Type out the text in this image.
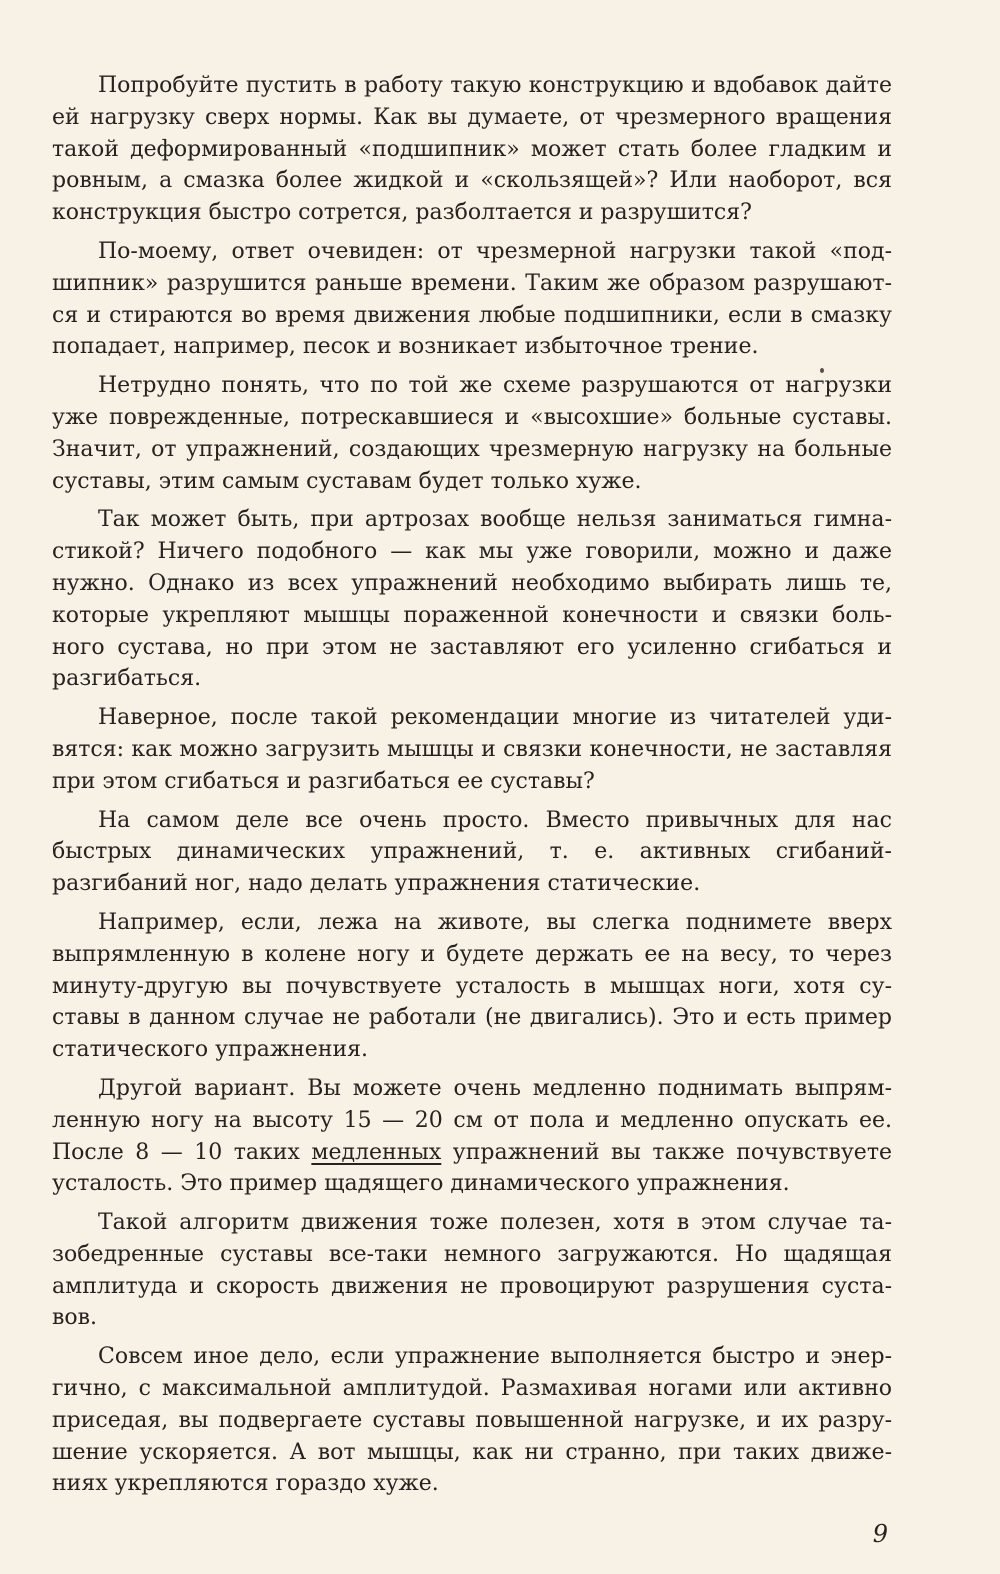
Попробуйте пустить в работу такую конструкцию и вдобавок дайте ей нагрузку сверх нормы. Как вы думаете, от чрезмерного вращения такой деформированный «подшипник» может стать более гладким и ровным, а смазка более жидкой и «скользящей»? Или наоборот, вся конструкция быстро сотрется, разболтается и разрушится?

По-моему, ответ очевиден: от чрезмерной нагрузки такой «подшипник» разрушится раньше времени. Таким же образом разрушаются и стираются во время движения любые подшипники, если в смазку попадает, например, песок и возникает избыточное трение.

Нетрудно понять, что по той же схеме разрушаются от нагрузки уже поврежденные, потрескавшиеся и «высохшие» больные суставы. Значит, от упражнений, создающих чрезмерную нагрузку на больные суставы, этим самым суставам будет только хуже.

Так может быть, при артрозах вообще нельзя заниматься гимнастикой? Ничего подобного — как мы уже говорили, можно и даже нужно. Однако из всех упражнений необходимо выбирать лишь те, которые укрепляют мышцы пораженной конечности и связки больного сустава, но при этом не заставляют его усиленно сгибаться и разгибаться.

Наверное, после такой рекомендации многие из читателей удивятся: как можно загрузить мышцы и связки конечности, не заставляя при этом сгибаться и разгибаться ее суставы?

На самом деле все очень просто. Вместо привычных для нас быстрых динамических упражнений, т. е. активных сгибаний-разгибаний ног, надо делать упражнения статические.

Например, если, лежа на животе, вы слегка поднимете вверх выпрямленную в колене ногу и будете держать ее на весу, то через минуту-другую вы почувствуете усталость в мышцах ноги, хотя суставы в данном случае не работали (не двигались). Это и есть пример статического упражнения.

Другой вариант. Вы можете очень медленно поднимать выпрямленную ногу на высоту 15 — 20 см от пола и медленно опускать ее. После 8 — 10 таких медленных упражнений вы также почувствуете усталость. Это пример щадящего динамического упражнения.

Такой алгоритм движения тоже полезен, хотя в этом случае тазобедренные суставы все-таки немного загружаются. Но щадящая амплитуда и скорость движения не провоцируют разрушения суставов.

Совсем иное дело, если упражнение выполняется быстро и энергично, с максимальной амплитудой. Размахивая ногами или активно приседая, вы подвергаете суставы повышенной нагрузке, и их разрушение ускоряется. А вот мышцы, как ни странно, при таких движениях укрепляются гораздо хуже.

9
